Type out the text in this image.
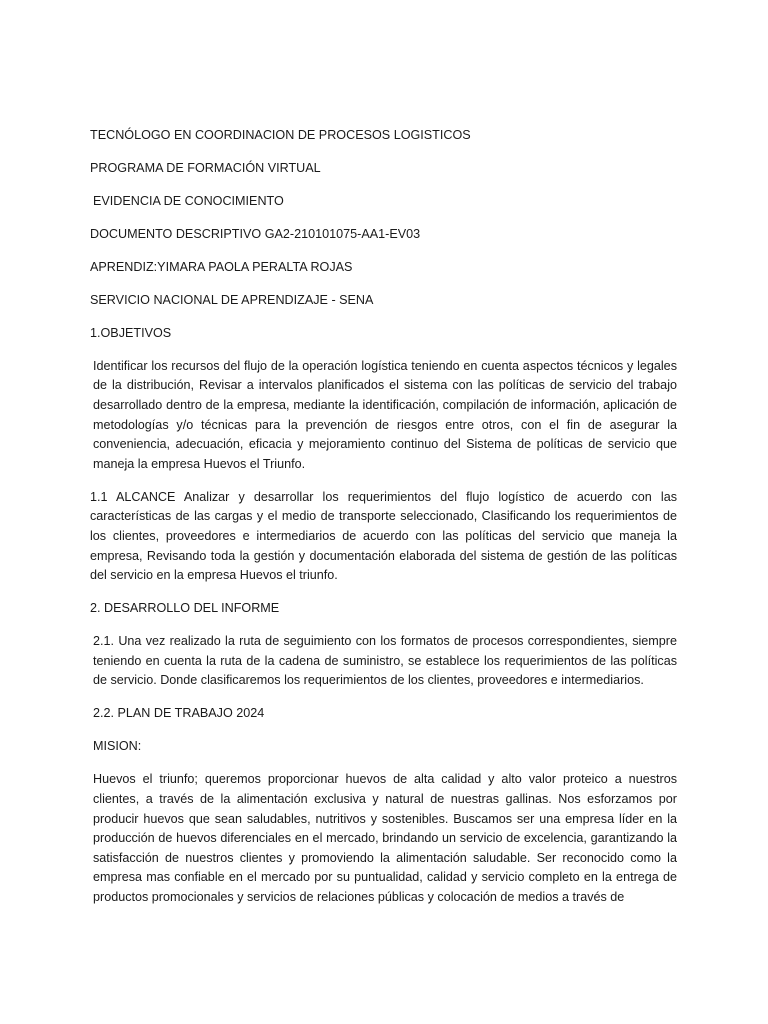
TECNÓLOGO EN COORDINACION DE PROCESOS LOGISTICOS
PROGRAMA DE FORMACIÓN VIRTUAL
EVIDENCIA DE CONOCIMIENTO
DOCUMENTO DESCRIPTIVO GA2-210101075-AA1-EV03
APRENDIZ:YIMARA PAOLA PERALTA ROJAS
SERVICIO NACIONAL DE APRENDIZAJE - SENA
1.OBJETIVOS

Identificar los recursos del flujo de la operación logística teniendo en cuenta aspectos técnicos y legales de la distribución, Revisar a intervalos planificados el sistema con las políticas de servicio del trabajo desarrollado dentro de la empresa, mediante la identificación, compilación de información, aplicación de metodologías y/o técnicas para la prevención de riesgos entre otros, con el fin de asegurar la conveniencia, adecuación, eficacia y mejoramiento continuo del Sistema de políticas de servicio que maneja la empresa Huevos el Triunfo.

1.1 ALCANCE Analizar y desarrollar los requerimientos del flujo logístico de acuerdo con las características de las cargas y el medio de transporte seleccionado, Clasificando los requerimientos de los clientes, proveedores e intermediarios de acuerdo con las políticas del servicio que maneja la empresa, Revisando toda la gestión y documentación elaborada del sistema de gestión de las políticas del servicio en la empresa Huevos el triunfo.

2. DESARROLLO DEL INFORME

2.1. Una vez realizado la ruta de seguimiento con los formatos de procesos correspondientes, siempre teniendo en cuenta la ruta de la cadena de suministro, se establece los requerimientos de las políticas de servicio. Donde clasificaremos los requerimientos de los clientes, proveedores e intermediarios.

2.2. PLAN DE TRABAJO 2024
MISION:

Huevos el triunfo; queremos proporcionar huevos de alta calidad y alto valor proteico a nuestros clientes, a través de la alimentación exclusiva y natural de nuestras gallinas. Nos esforzamos por producir huevos que sean saludables, nutritivos y sostenibles. Buscamos ser una empresa líder en la producción de huevos diferenciales en el mercado, brindando un servicio de excelencia, garantizando la satisfacción de nuestros clientes y promoviendo la alimentación saludable. Ser reconocido como la empresa mas confiable en el mercado por su puntualidad, calidad y servicio completo en la entrega de productos promocionales y servicios de relaciones públicas y colocación de medios a través de
